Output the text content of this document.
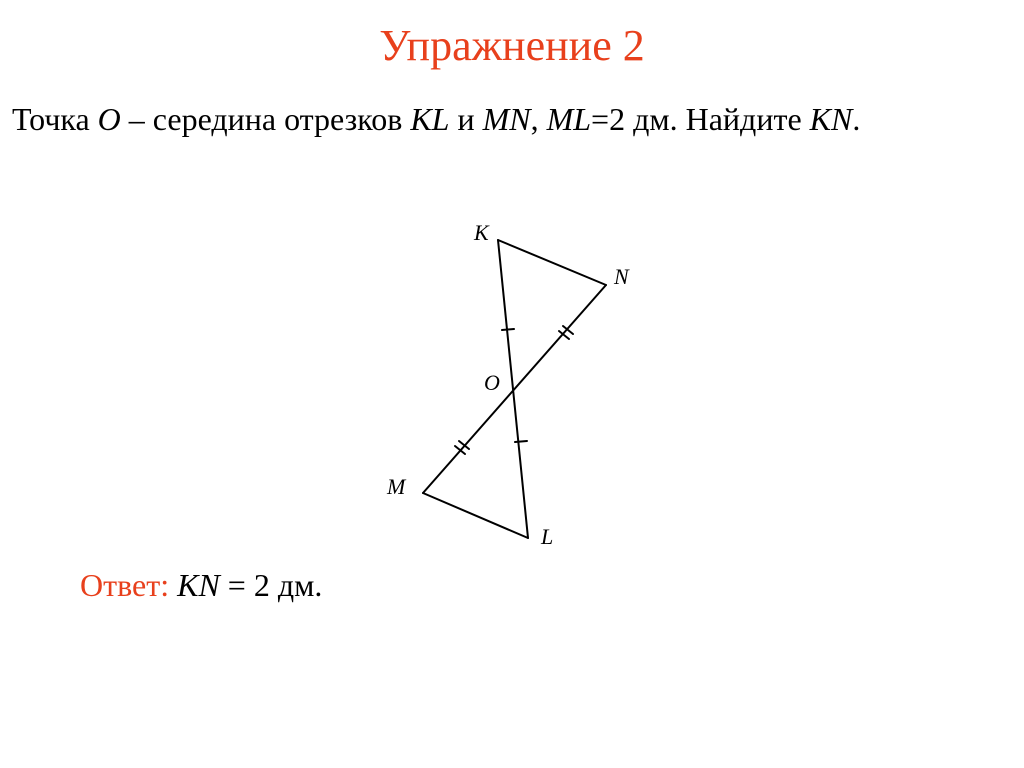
Упражнение 2
Точка O – середина отрезков KL и MN, ML=2 дм. Найдите KN.
K
N
O
M
L
Ответ: KN = 2 дм.
